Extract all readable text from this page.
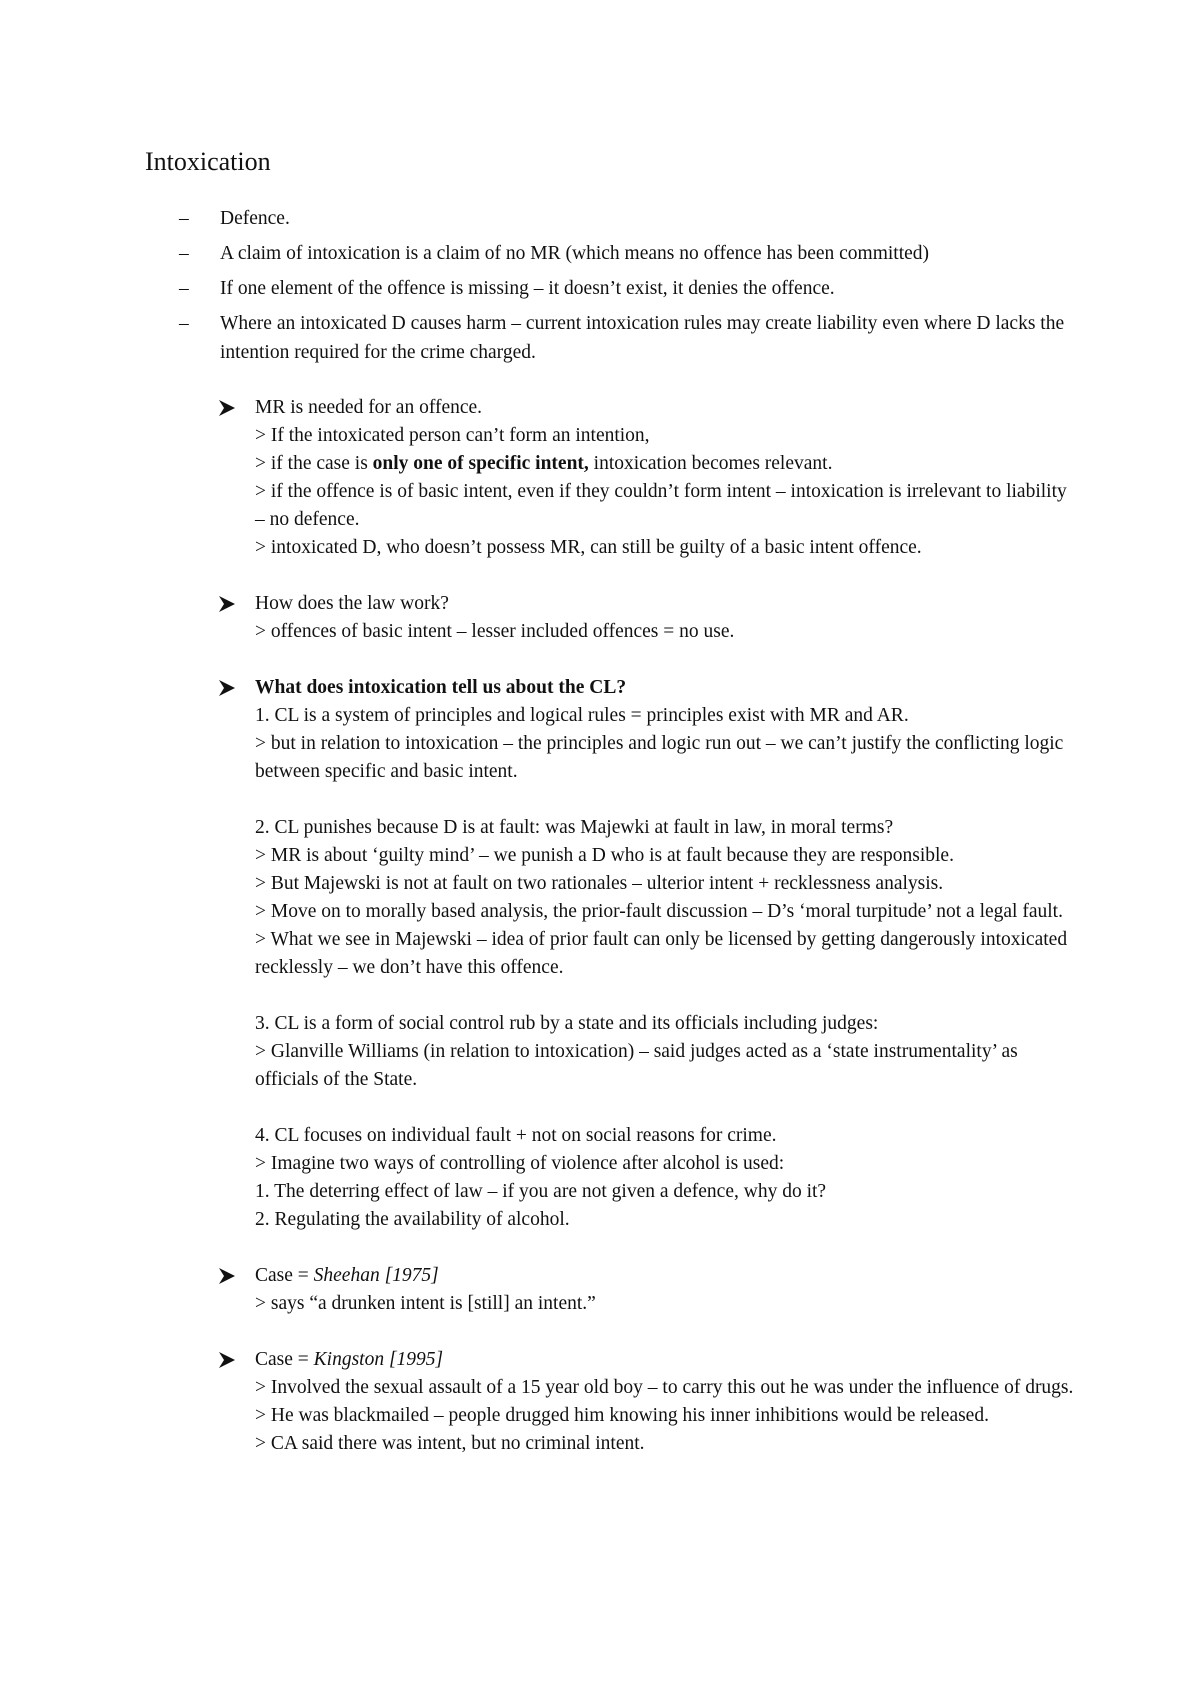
Intoxication
– Defence.
– A claim of intoxication is a claim of no MR (which means no offence has been committed)
– If one element of the offence is missing – it doesn’t exist, it denies the offence.
– Where an intoxicated D causes harm – current intoxication rules may create liability even where D lacks the intention required for the crime charged.

MR is needed for an offence.

> If the intoxicated person can’t form an intention,

> if the case is only one of specific intent, intoxication becomes relevant.

> if the offence is of basic intent, even if they couldn’t form intent – intoxication is irrelevant to liability – no defence.

> intoxicated D, who doesn’t possess MR, can still be guilty of a basic intent offence.

How does the law work?

> offences of basic intent – lesser included offences = no use.

What does intoxication tell us about the CL?

1. CL is a system of principles and logical rules = principles exist with MR and AR.

> but in relation to intoxication – the principles and logic run out – we can’t justify the conflicting logic between specific and basic intent.

2. CL punishes because D is at fault: was Majewki at fault in law, in moral terms?

> MR is about ‘guilty mind’ – we punish a D who is at fault because they are responsible.

> But Majewski is not at fault on two rationales – ulterior intent + recklessness analysis.

> Move on to morally based analysis, the prior-fault discussion – D’s ‘moral turpitude’ not a legal fault.

> What we see in Majewski – idea of prior fault can only be licensed by getting dangerously intoxicated recklessly – we don’t have this offence.

3. CL is a form of social control rub by a state and its officials including judges:

> Glanville Williams (in relation to intoxication) – said judges acted as a ‘state instrumentality’ as officials of the State.

4. CL focuses on individual fault + not on social reasons for crime.

> Imagine two ways of controlling of violence after alcohol is used:

1. The deterring effect of law – if you are not given a defence, why do it?

2. Regulating the availability of alcohol.

Case = Sheehan [1975]

> says “a drunken intent is [still] an intent.”

Case = Kingston [1995]

> Involved the sexual assault of a 15 year old boy – to carry this out he was under the influence of drugs.

> He was blackmailed – people drugged him knowing his inner inhibitions would be released.

> CA said there was intent, but no criminal intent.
